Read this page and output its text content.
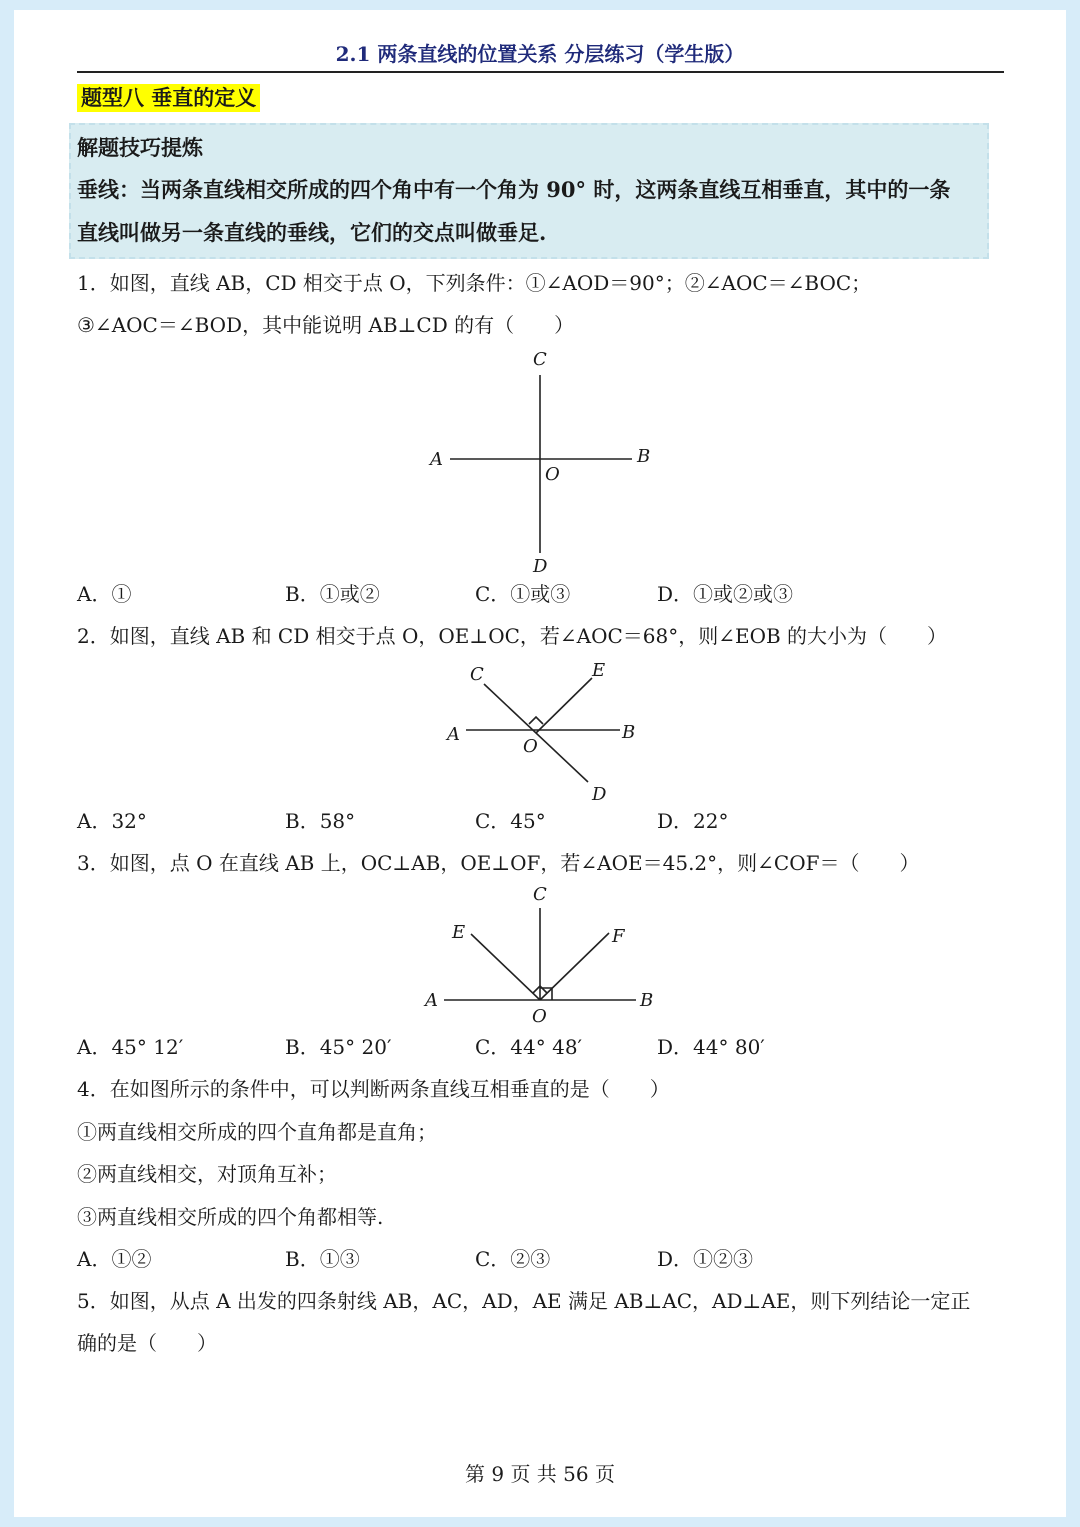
2.1 两条直线的位置关系 分层练习（学生版）
题型八 垂直的定义
解题技巧提炼
垂线：当两条直线相交所成的四个角中有一个角为 90° 时，这两条直线互相垂直，其中的一条
直线叫做另一条直线的垂线，它们的交点叫做垂足.
1．如图，直线 AB，CD 相交于点 O，下列条件：①∠AOD＝90°；②∠AOC＝∠BOC；
③∠AOC＝∠BOD，其中能说明 AB⊥CD 的有（　　）
C
A	B
O
D
A．①	B．①或②	C．①或③	D．①或②或③
2．如图，直线 AB 和 CD 相交于点 O，OE⊥OC，若∠AOC＝68°，则∠EOB 的大小为（　　）
C	E
A	B
O
D
A．32°	B．58°	C．45°	D．22°
3．如图，点 O 在直线 AB 上，OC⊥AB，OE⊥OF，若∠AOE＝45.2°，则∠COF＝（　　）
C
E	F
A	B
O
A．45° 12′	B．45° 20′	C．44° 48′	D．44° 80′
4．在如图所示的条件中，可以判断两条直线互相垂直的是（　　）
①两直线相交所成的四个直角都是直角；
②两直线相交，对顶角互补；
③两直线相交所成的四个角都相等.
A．①②	B．①③	C．②③	D．①②③
5．如图，从点 A 出发的四条射线 AB，AC，AD，AE 满足 AB⊥AC，AD⊥AE，则下列结论一定正
确的是（　　）
第 9 页 共 56 页
